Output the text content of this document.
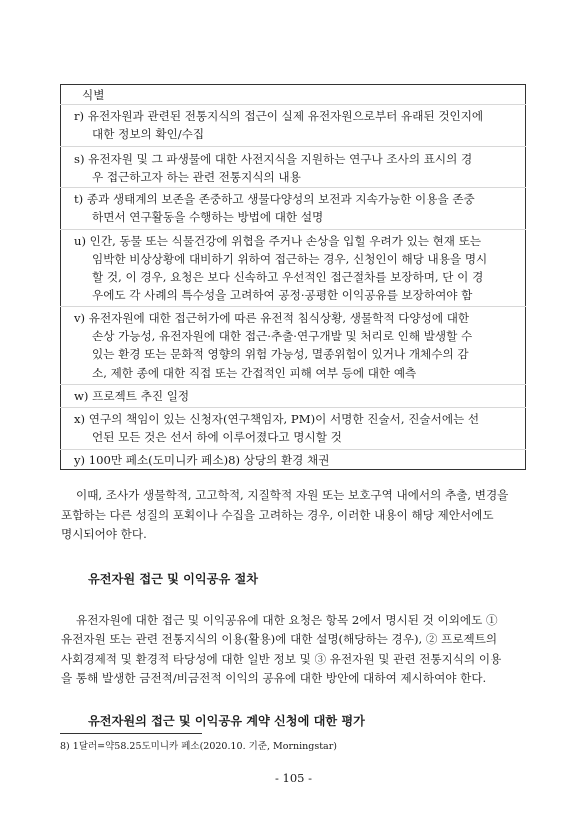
식별
r) 유전자원과 관련된 전통지식의 접근이 실제 유전자원으로부터 유래된 것인지에
대한 정보의 확인/수집
s) 유전자원 및 그 파생물에 대한 사전지식을 지원하는 연구나 조사의 표시의 경
우 접근하고자 하는 관련 전통지식의 내용
t) 종과 생태계의 보존을 존중하고 생물다양성의 보전과 지속가능한 이용을 존중
하면서 연구활동을 수행하는 방법에 대한 설명
u) 인간, 동물 또는 식물건강에 위협을 주거나 손상을 입힐 우려가 있는 현재 또는
임박한 비상상황에 대비하기 위하여 접근하는 경우, 신청인이 해당 내용을 명시
할 것, 이 경우, 요청은 보다 신속하고 우선적인 접근절차를 보장하며, 단 이 경
우에도 각 사례의 특수성을 고려하여 공정·공평한 이익공유를 보장하여야 함
v) 유전자원에 대한 접근허가에 따른 유전적 침식상황, 생물학적 다양성에 대한
손상 가능성, 유전자원에 대한 접근·추출·연구개발 및 처리로 인해 발생할 수
있는 환경 또는 문화적 영향의 위험 가능성, 멸종위험이 있거나 개체수의 감
소, 제한 종에 대한 직접 또는 간접적인 피해 여부 등에 대한 예측
w) 프로젝트 추진 일정
x) 연구의 책임이 있는 신청자(연구책임자, PM)이 서명한 진술서, 진술서에는 선
언된 모든 것은 선서 하에 이루어졌다고 명시할 것
y) 100만 페소(도미니카 페소)8) 상당의 환경 채권
이때, 조사가 생물학적, 고고학적, 지질학적 자원 또는 보호구역 내에서의 추출, 변경을
포함하는 다른 성질의 포획이나 수집을 고려하는 경우, 이러한 내용이 해당 제안서에도
명시되어야 한다.
유전자원 접근 및 이익공유 절차
유전자원에 대한 접근 및 이익공유에 대한 요청은 항목 2에서 명시된 것 이외에도 ①
유전자원 또는 관련 전통지식의 이용(활용)에 대한 설명(해당하는 경우), ② 프로젝트의
사회경제적 및 환경적 타당성에 대한 일반 정보 및 ③ 유전자원 및 관련 전통지식의 이용
을 통해 발생한 금전적/비금전적 이익의 공유에 대한 방안에 대하여 제시하여야 한다.
유전자원의 접근 및 이익공유 계약 신청에 대한 평가
8) 1달러=약58.25도미니카 페소(2020.10. 기준, Morningstar)
- 105 -
